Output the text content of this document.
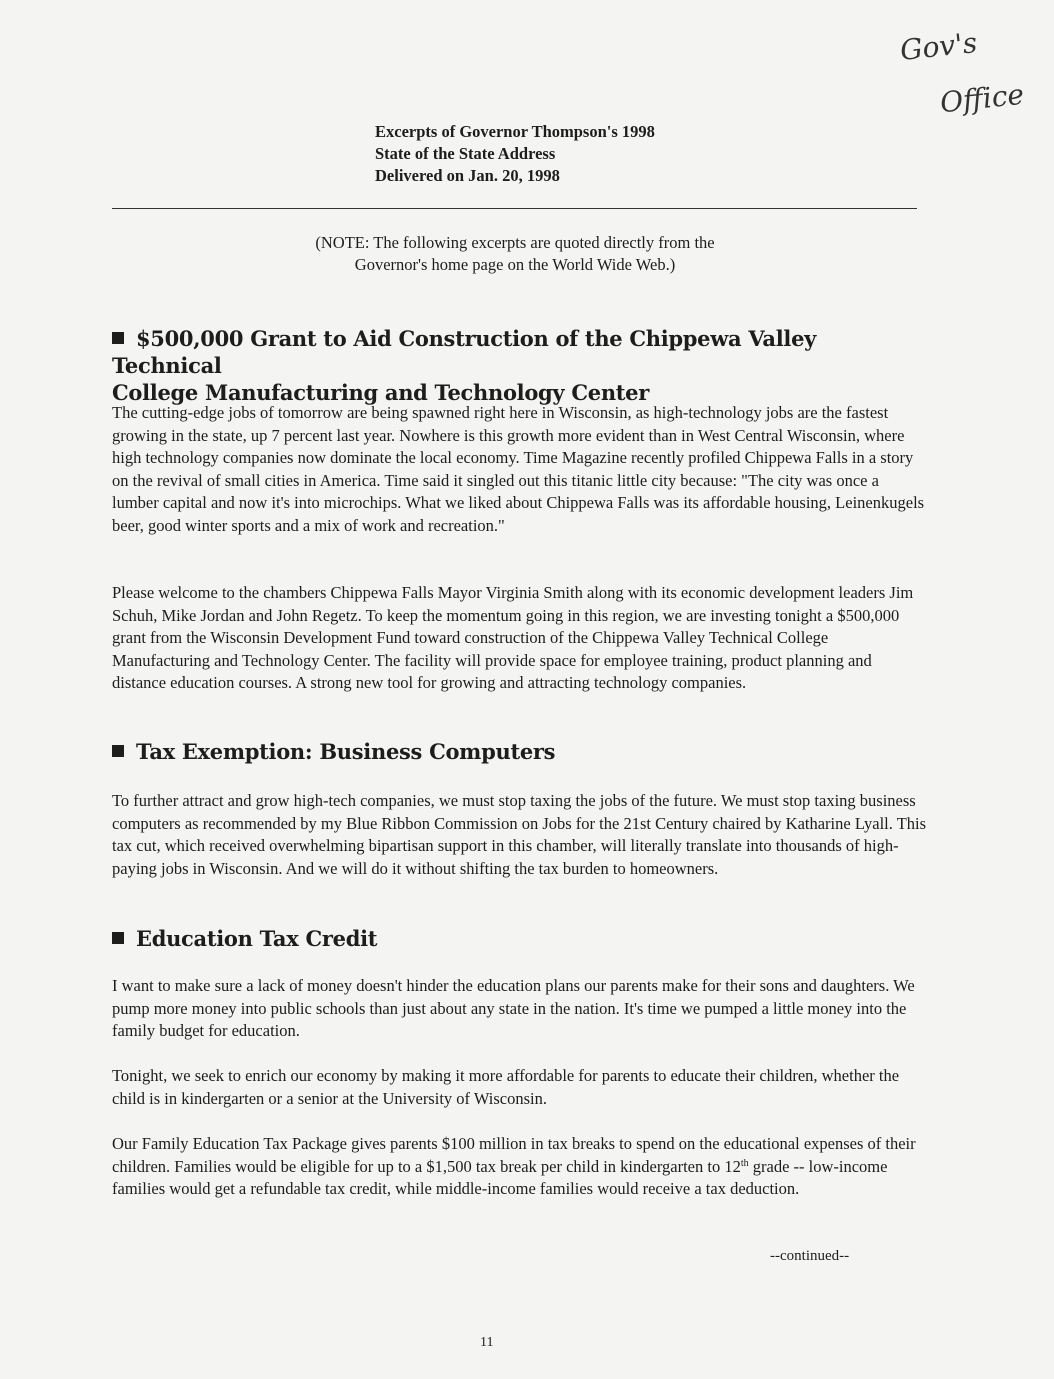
Gov's
Office
Excerpts of Governor Thompson's 1998
State of the State Address
Delivered on Jan. 20, 1998
(NOTE: The following excerpts are quoted directly from the
Governor's home page on the World Wide Web.)
$500,000 Grant to Aid Construction of the Chippewa Valley Technical
College Manufacturing and Technology Center
The cutting-edge jobs of tomorrow are being spawned right here in Wisconsin, as high-technology jobs are the fastest growing in the state, up 7 percent last year. Nowhere is this growth more evident than in West Central Wisconsin, where high technology companies now dominate the local economy. Time Magazine recently profiled Chippewa Falls in a story on the revival of small cities in America. Time said it singled out this titanic little city because: "The city was once a lumber capital and now it's into microchips. What we liked about Chippewa Falls was its affordable housing, Leinenkugels beer, good winter sports and a mix of work and recreation."
Please welcome to the chambers Chippewa Falls Mayor Virginia Smith along with its economic development leaders Jim Schuh, Mike Jordan and John Regetz. To keep the momentum going in this region, we are investing tonight a $500,000 grant from the Wisconsin Development Fund toward construction of the Chippewa Valley Technical College Manufacturing and Technology Center. The facility will provide space for employee training, product planning and distance education courses. A strong new tool for growing and attracting technology companies.
Tax Exemption: Business Computers
To further attract and grow high-tech companies, we must stop taxing the jobs of the future. We must stop taxing business computers as recommended by my Blue Ribbon Commission on Jobs for the 21st Century chaired by Katharine Lyall. This tax cut, which received overwhelming bipartisan support in this chamber, will literally translate into thousands of high-paying jobs in Wisconsin. And we will do it without shifting the tax burden to homeowners.
Education Tax Credit
I want to make sure a lack of money doesn't hinder the education plans our parents make for their sons and daughters. We pump more money into public schools than just about any state in the nation. It's time we pumped a little money into the family budget for education.
Tonight, we seek to enrich our economy by making it more affordable for parents to educate their children, whether the child is in kindergarten or a senior at the University of Wisconsin.
Our Family Education Tax Package gives parents $100 million in tax breaks to spend on the educational expenses of their children. Families would be eligible for up to a $1,500 tax break per child in kindergarten to 12th grade -- low-income families would get a refundable tax credit, while middle-income families would receive a tax deduction.
--continued--
11
